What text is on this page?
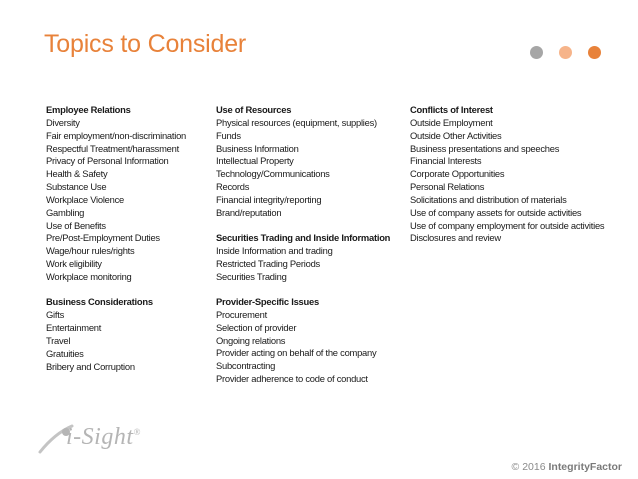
Topics to Consider
Employee Relations
Diversity
Fair employment/non-discrimination
Respectful Treatment/harassment
Privacy of Personal Information
Health & Safety
Substance Use
Workplace Violence
Gambling
Use of Benefits
Pre/Post-Employment Duties
Wage/hour rules/rights
Work eligibility
Workplace monitoring
Business Considerations
Gifts
Entertainment
Travel
Gratuities
Bribery and Corruption
Use of Resources
Physical resources (equipment, supplies)
Funds
Business Information
Intellectual Property
Technology/Communications
Records
Financial integrity/reporting
Brand/reputation
Securities Trading and Inside Information
Inside Information and trading
Restricted Trading Periods
Securities Trading
Provider-Specific Issues
Procurement
Selection of provider
Ongoing relations
Provider acting on behalf of the company
Subcontracting
Provider adherence to code of conduct
Conflicts of Interest
Outside Employment
Outside Other Activities
Business presentations and speeches
Financial Interests
Corporate Opportunities
Personal Relations
Solicitations and distribution of materials
Use of company assets for outside activities
Use of company employment for outside activities
Disclosures and review
i-Sight®
© 2016 IntegrityFactor
